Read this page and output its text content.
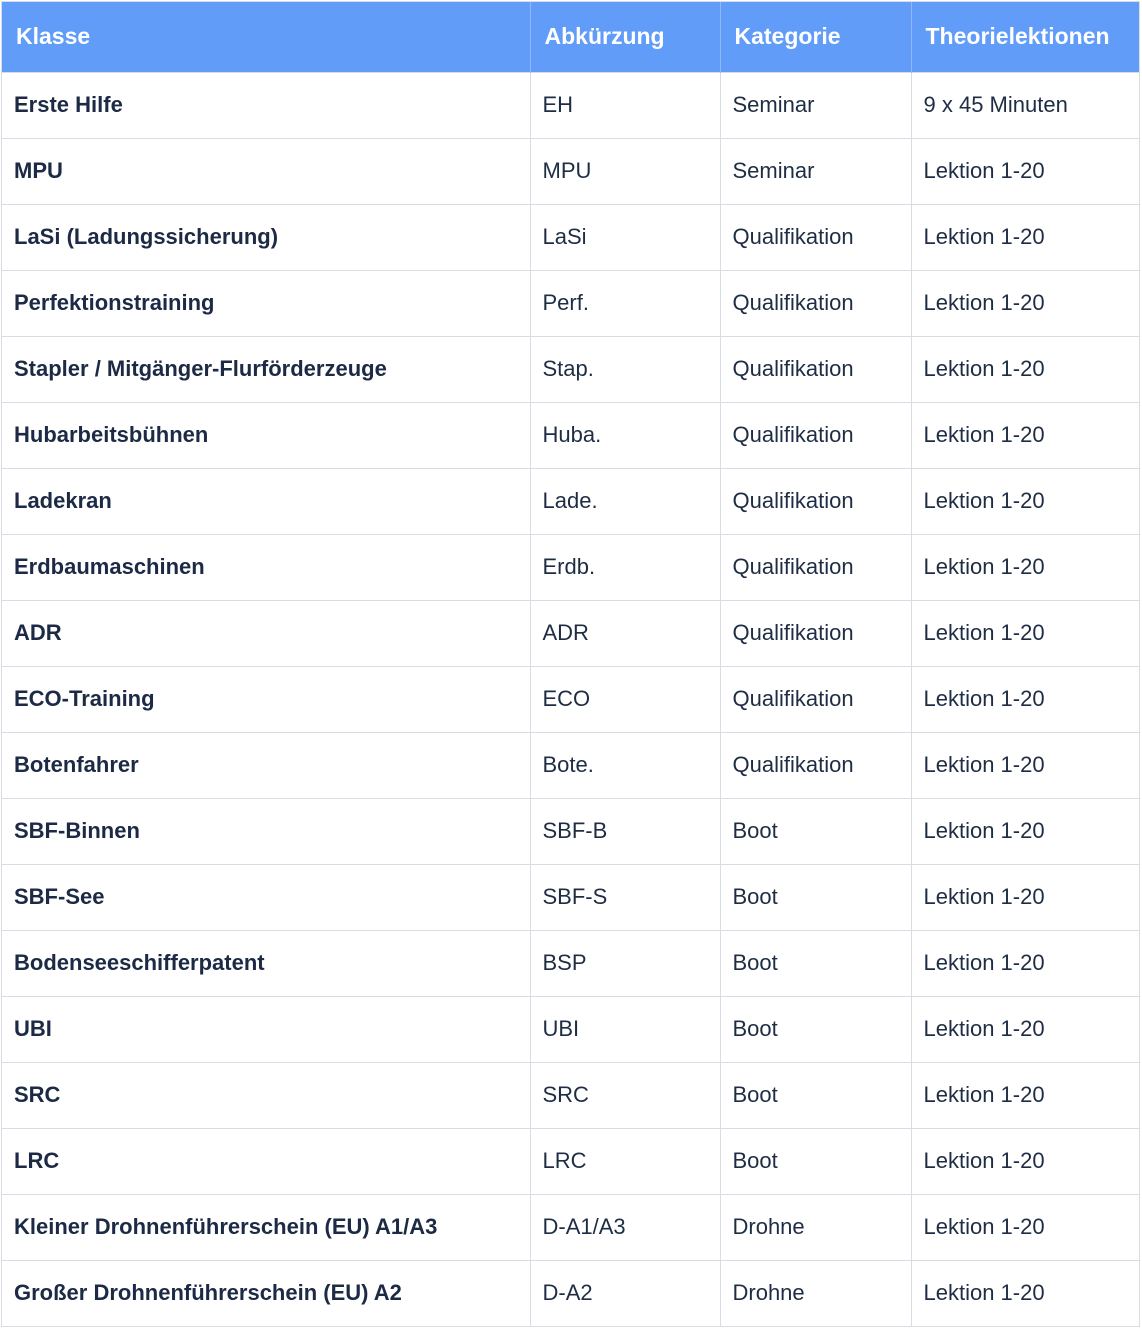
Klasse	Abkürzung	Kategorie	Theorielektionen
Erste Hilfe	EH	Seminar	9 x 45 Minuten
MPU	MPU	Seminar	Lektion 1-20
LaSi (Ladungssicherung)	LaSi	Qualifikation	Lektion 1-20
Perfektionstraining	Perf.	Qualifikation	Lektion 1-20
Stapler / Mitgänger-Flurförderzeuge	Stap.	Qualifikation	Lektion 1-20
Hubarbeitsbühnen	Huba.	Qualifikation	Lektion 1-20
Ladekran	Lade.	Qualifikation	Lektion 1-20
Erdbaumaschinen	Erdb.	Qualifikation	Lektion 1-20
ADR	ADR	Qualifikation	Lektion 1-20
ECO-Training	ECO	Qualifikation	Lektion 1-20
Botenfahrer	Bote.	Qualifikation	Lektion 1-20
SBF-Binnen	SBF-B	Boot	Lektion 1-20
SBF-See	SBF-S	Boot	Lektion 1-20
Bodenseeschifferpatent	BSP	Boot	Lektion 1-20
UBI	UBI	Boot	Lektion 1-20
SRC	SRC	Boot	Lektion 1-20
LRC	LRC	Boot	Lektion 1-20
Kleiner Drohnenführerschein (EU) A1/A3	D-A1/A3	Drohne	Lektion 1-20
Großer Drohnenführerschein (EU) A2	D-A2	Drohne	Lektion 1-20
